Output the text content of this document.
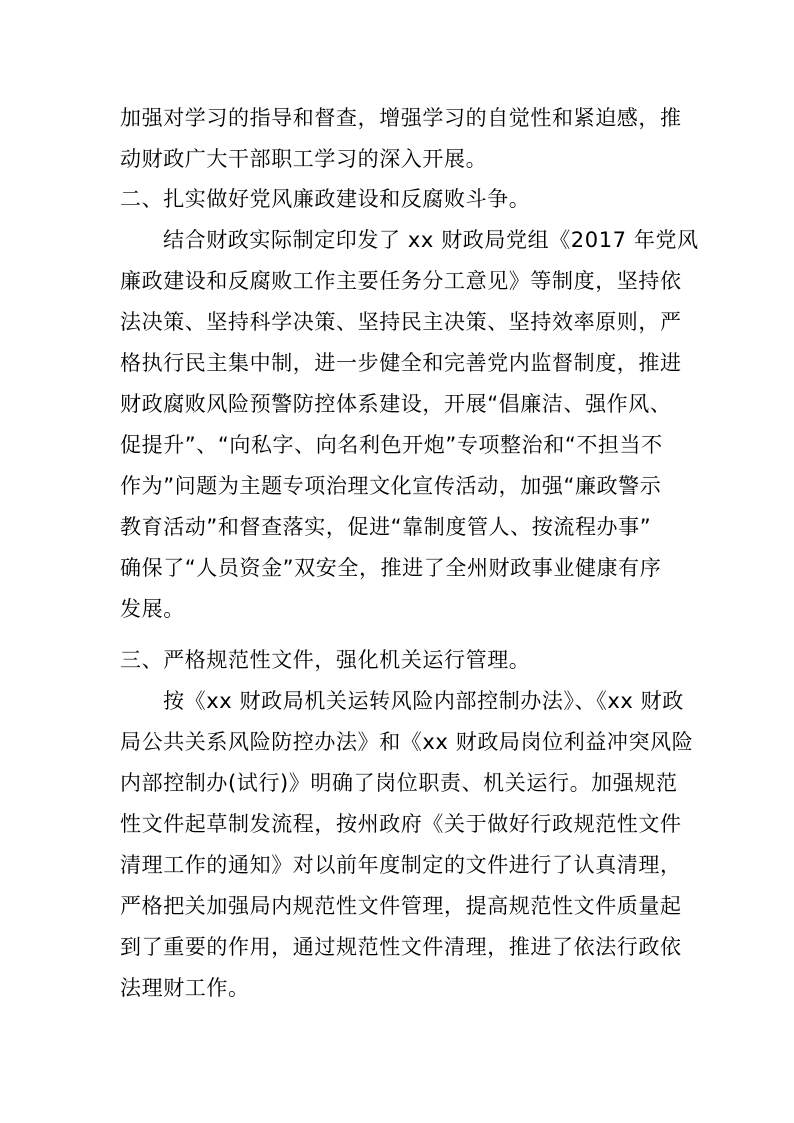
加强对学习的指导和督查，增强学习的自觉性和紧迫感，推
动财政广大干部职工学习的深入开展。
二、扎实做好党风廉政建设和反腐败斗争。
结合财政实际制定印发了 xx 财政局党组《2017 年党风
廉政建设和反腐败工作主要任务分工意见》等制度，坚持依
法决策、坚持科学决策、坚持民主决策、坚持效率原则，严
格执行民主集中制，进一步健全和完善党内监督制度，推进
财政腐败风险预警防控体系建设，开展“倡廉洁、强作风、
促提升”、“向私字、向名利色开炮”专项整治和“不担当不
作为”问题为主题专项治理文化宣传活动，加强“廉政警示
教育活动”和督查落实，促进“靠制度管人、按流程办事”
确保了“人员资金”双安全，推进了全州财政事业健康有序
发展。
三、严格规范性文件，强化机关运行管理。
按《xx 财政局机关运转风险内部控制办法》、《xx 财政
局公共关系风险防控办法》和《xx 财政局岗位利益冲突风险
内部控制办(试行)》明确了岗位职责、机关运行。加强规范
性文件起草制发流程，按州政府《关于做好行政规范性文件
清理工作的通知》对以前年度制定的文件进行了认真清理，
严格把关加强局内规范性文件管理，提高规范性文件质量起
到了重要的作用，通过规范性文件清理，推进了依法行政依
法理财工作。
